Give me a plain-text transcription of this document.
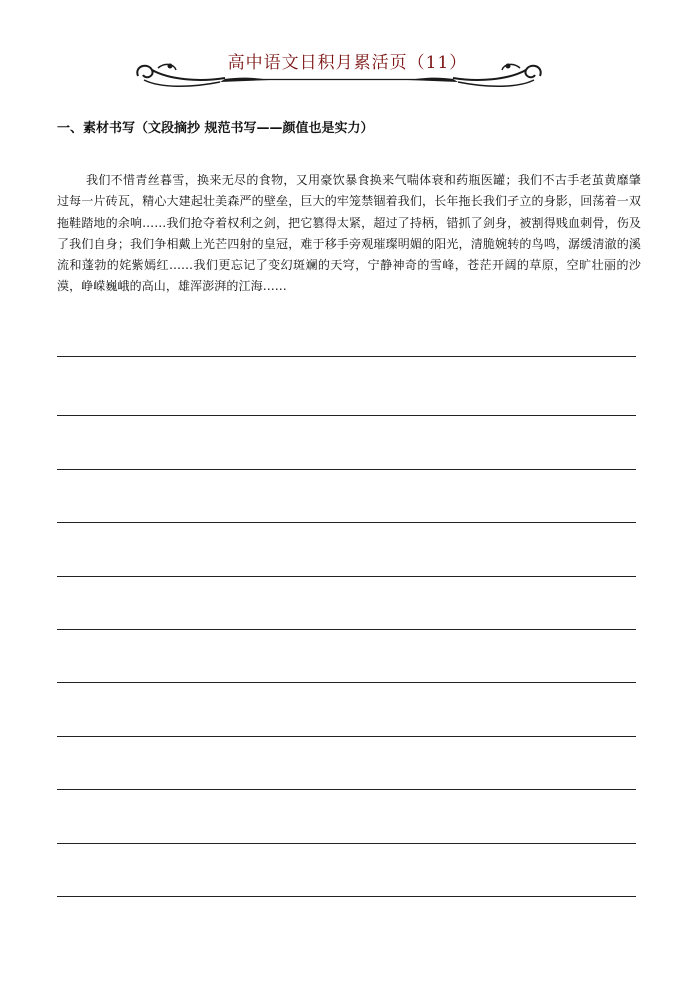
高中语文日积月累活页（11）
一、素材书写（文段摘抄 规范书写——颜值也是实力）
我们不惜青丝暮雪，换来无尽的食物，又用豪饮暴食换来气喘体衰和药瓶医罐；我们不古手老茧黄靡肇过每一片砖瓦，精心大建起壮美森严的壁垒，巨大的牢笼禁锢着我们，长年拖长我们孑立的身影，回荡着一双拖鞋踏地的余响……我们抢夺着权利之剑，把它篡得太紧，超过了持柄，错抓了剑身，被割得贱血刺骨，伤及了我们自身；我们争相戴上光芒四射的皇冠，难于移手旁观璀璨明媚的阳光，清脆婉转的鸟鸣，潺缓清澈的溪流和蓬勃的姹紫嫣红……我们更忘记了变幻斑斓的天穹，宁静神奇的雪峰，苍茫开阔的草原，空旷壮丽的沙漠，峥嵘巍峨的高山，雄浑澎湃的江海……
